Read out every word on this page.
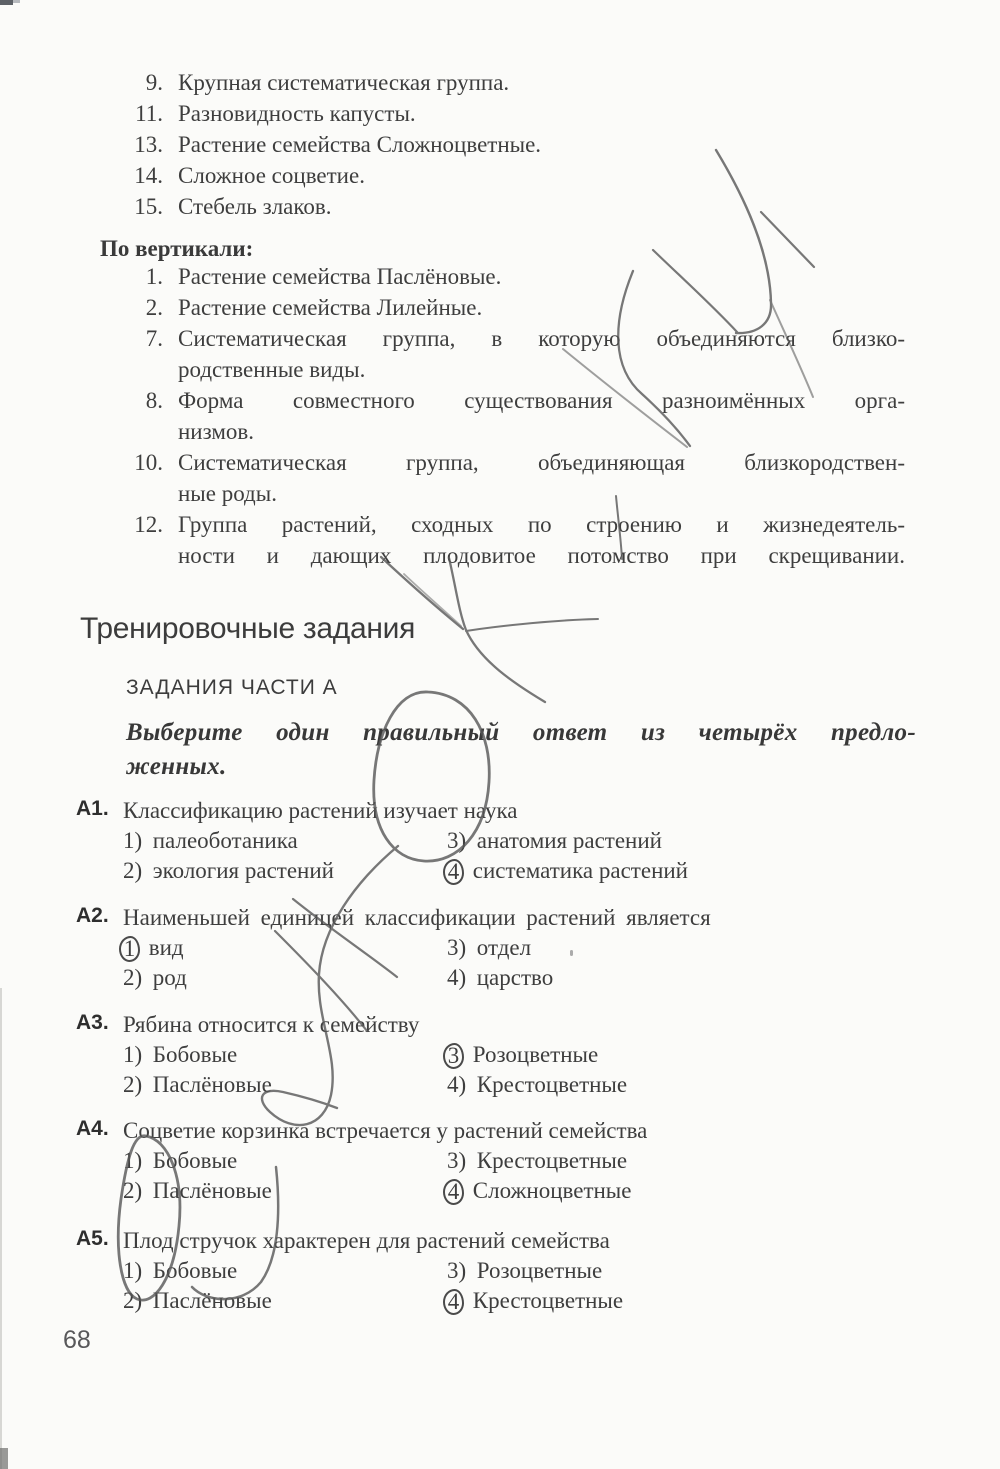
9. Крупная систематическая группа.
11. Разновидность капусты.
13. Растение семейства Сложноцветные.
14. Сложное соцветие.
15. Стебель злаков.
По вертикали:
1. Растение семейства Паслёновые.
2. Растение семейства Лилейные.
7. Систематическая группа, в которую объединяются близко-
родственные виды.
8. Форма совместного существования разноимённых орга-
низмов.
10. Систематическая группа, объединяющая близкородствен-
ные роды.
12. Группа растений, сходных по строению и жизнедеятель-
ности и дающих плодовитое потомство при скрещивании.
Тренировочные задания
ЗАДАНИЯ ЧАСТИ А
Выберите один правильный ответ из четырёх предло-
женных.
А1. Классификацию растений изучает наука
1) палеоботаника
2) экология растений
3) анатомия растений
4 систематика растений
А2. Наименьшей единицей классификации растений является
1 вид
2) род
3) отдел
4) царство
А3. Рябина относится к семейству
1) Бобовые
2) Паслёновые
3 Розоцветные
4) Крестоцветные
А4. Соцветие корзинка встречается у растений семейства
1) Бобовые
2) Паслёновые
3) Крестоцветные
4 Сложноцветные
А5. Плод стручок характерен для растений семейства
1) Бобовые
2) Паслёновые
3) Розоцветные
4 Крестоцветные
68
